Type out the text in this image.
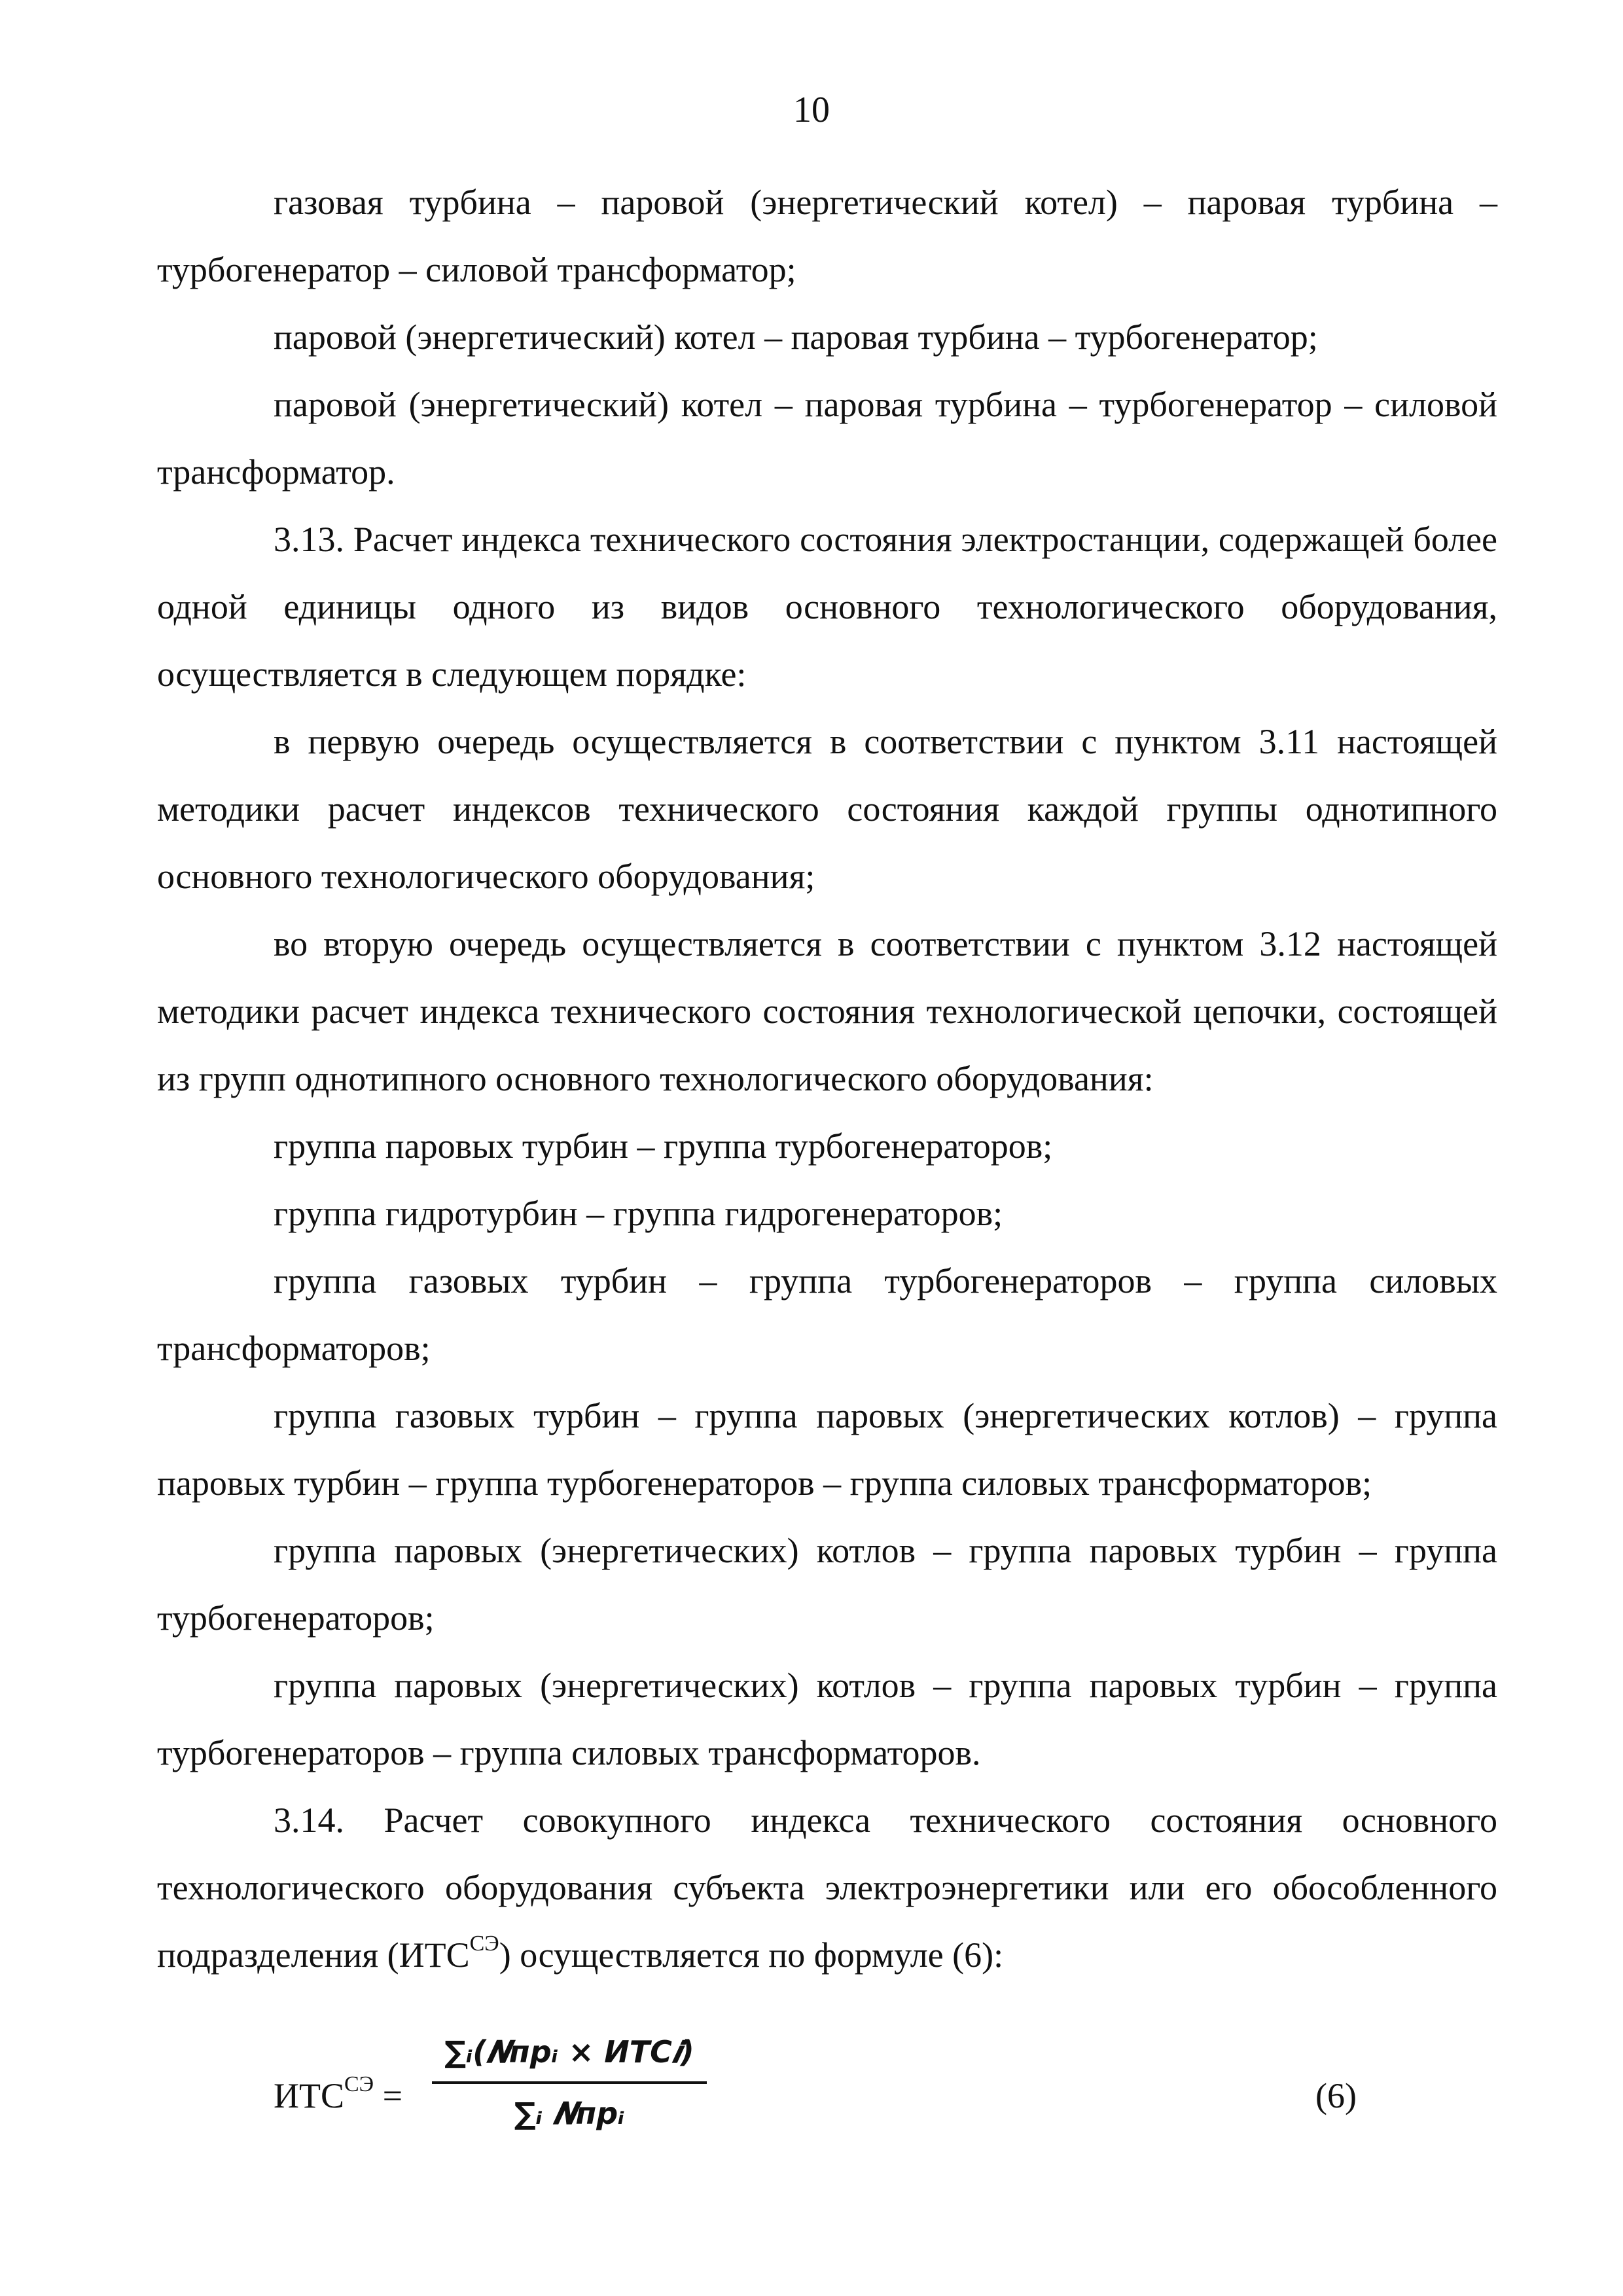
10

газовая турбина – паровой (энергетический котел) – паровая турбина – турбогенератор – силовой трансформатор;

паровой (энергетический) котел – паровая турбина – турбогенератор;

паровой (энергетический) котел – паровая турбина – турбогенератор – силовой трансформатор.

3.13. Расчет индекса технического состояния электростанции, содержащей более одной единицы одного из видов основного технологического оборудования, осуществляется в следующем порядке:

в первую очередь осуществляется в соответствии с пунктом 3.11 настоящей методики расчет индексов технического состояния каждой группы однотипного основного технологического оборудования;

во вторую очередь осуществляется в соответствии с пунктом 3.12 настоящей методики расчет индекса технического состояния технологической цепочки, состоящей из групп однотипного основного технологического оборудования:

группа паровых турбин – группа турбогенераторов;

группа гидротурбин – группа гидрогенераторов;

группа газовых турбин – группа турбогенераторов – группа силовых трансформаторов;

группа газовых турбин – группа паровых (энергетических котлов) – группа паровых турбин – группа турбогенераторов – группа силовых трансформаторов;

группа паровых (энергетических) котлов – группа паровых турбин – группа турбогенераторов;

группа паровых (энергетических) котлов – группа паровых турбин – группа турбогенераторов – группа силовых трансформаторов.

3.14. Расчет совокупного индекса технического состояния основного технологического оборудования субъекта электроэнергетики или его обособленного подразделения $(ИТС^{СЭ})$ осуществляется по формуле (6):

$ИТС^{СЭ}$ =
∑ᵢ(𝑵прᵢ × ИТС𝒊)
∑ᵢ 𝑵прᵢ	(6)
